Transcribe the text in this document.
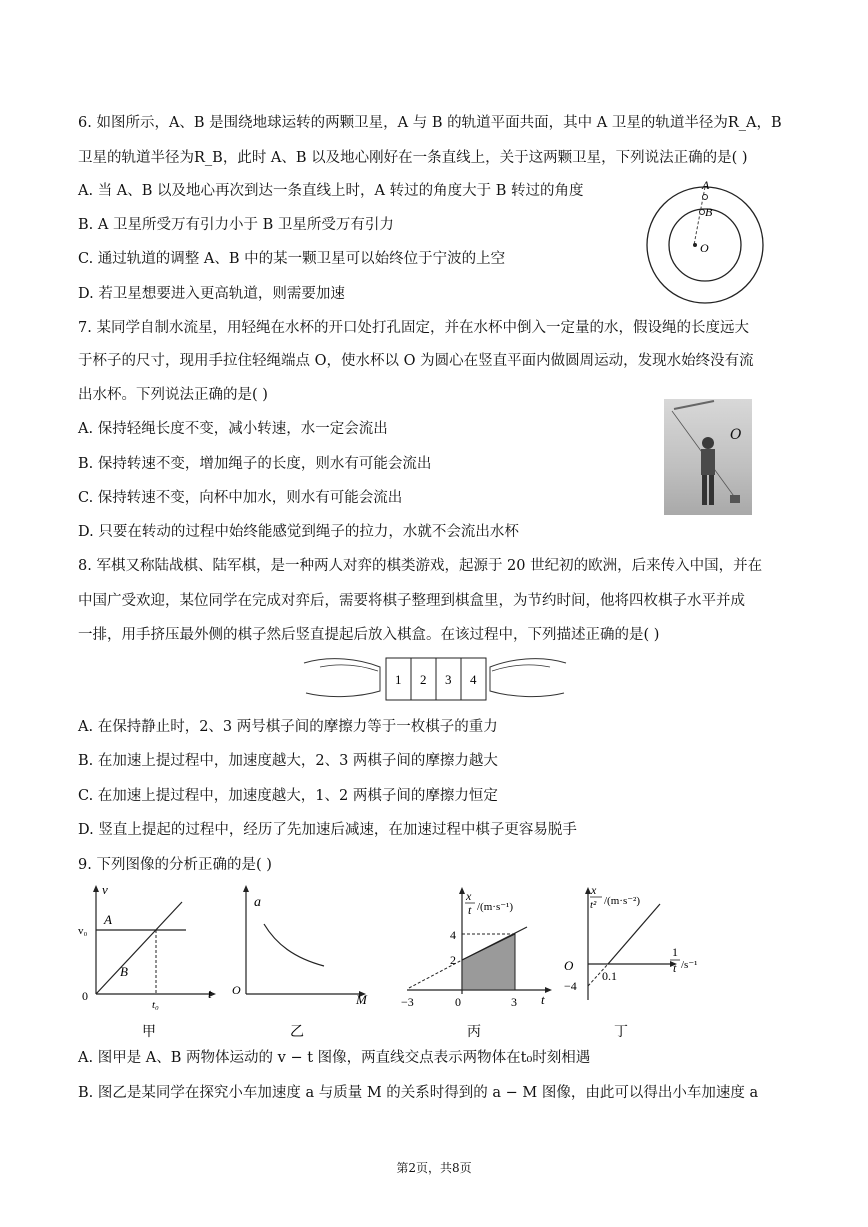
6. 如图所示，A、B 是围绕地球运转的两颗卫星，A 与 B 的轨道平面共面，其中 A 卫星的轨道半径为R_A，B
卫星的轨道半径为R_B，此时 A、B 以及地心刚好在一条直线上，关于这两颗卫星，下列说法正确的是( )
A. 当 A、B 以及地心再次到达一条直线上时，A 转过的角度大于 B 转过的角度
B. A 卫星所受万有引力小于 B 卫星所受万有引力
C. 通过轨道的调整 A、B 中的某一颗卫星可以始终位于宁波的上空
D. 若卫星想要进入更高轨道，则需要加速
A
B
O
7. 某同学自制水流星，用轻绳在水杯的开口处打孔固定，并在水杯中倒入一定量的水，假设绳的长度远大
于杯子的尺寸，现用手拉住轻绳端点 O，使水杯以 O 为圆心在竖直平面内做圆周运动，发现水始终没有流
出水杯。下列说法正确的是( )
A. 保持轻绳长度不变，减小转速，水一定会流出
B. 保持转速不变，增加绳子的长度，则水有可能会流出
C. 保持转速不变，向杯中加水，则水有可能会流出
D. 只要在转动的过程中始终能感觉到绳子的拉力，水就不会流出水杯
O
8. 军棋又称陆战棋、陆军棋，是一种两人对弈的棋类游戏，起源于 20 世纪初的欧洲，后来传入中国，并在
中国广受欢迎，某位同学在完成对弈后，需要将棋子整理到棋盒里，为节约时间，他将四枚棋子水平并成
一排，用手挤压最外侧的棋子然后竖直提起后放入棋盒。在该过程中，下列描述正确的是( )
1 2 3 4
A. 在保持静止时，2、3 两号棋子间的摩擦力等于一枚棋子的重力
B. 在加速上提过程中，加速度越大，2、3 两棋子间的摩擦力越大
C. 在加速上提过程中，加速度越大，1、2 两棋子间的摩擦力恒定
D. 竖直上提起的过程中，经历了先加速后减速，在加速过程中棋子更容易脱手
9. 下列图像的分析正确的是( )
v
v₀
A
B
0
t₀
t
甲
a
O
M
乙
x
t /(m·s⁻¹)
4
2
−3	0	3 t
丙
x
t² /(m·s⁻²)
O
−4
0.1
1
t /s⁻¹
丁
A. 图甲是 A、B 两物体运动的 v − t 图像，两直线交点表示两物体在t₀时刻相遇
B. 图乙是某同学在探究小车加速度 a 与质量 M 的关系时得到的 a − M 图像，由此可以得出小车加速度 a
第2页，共8页
